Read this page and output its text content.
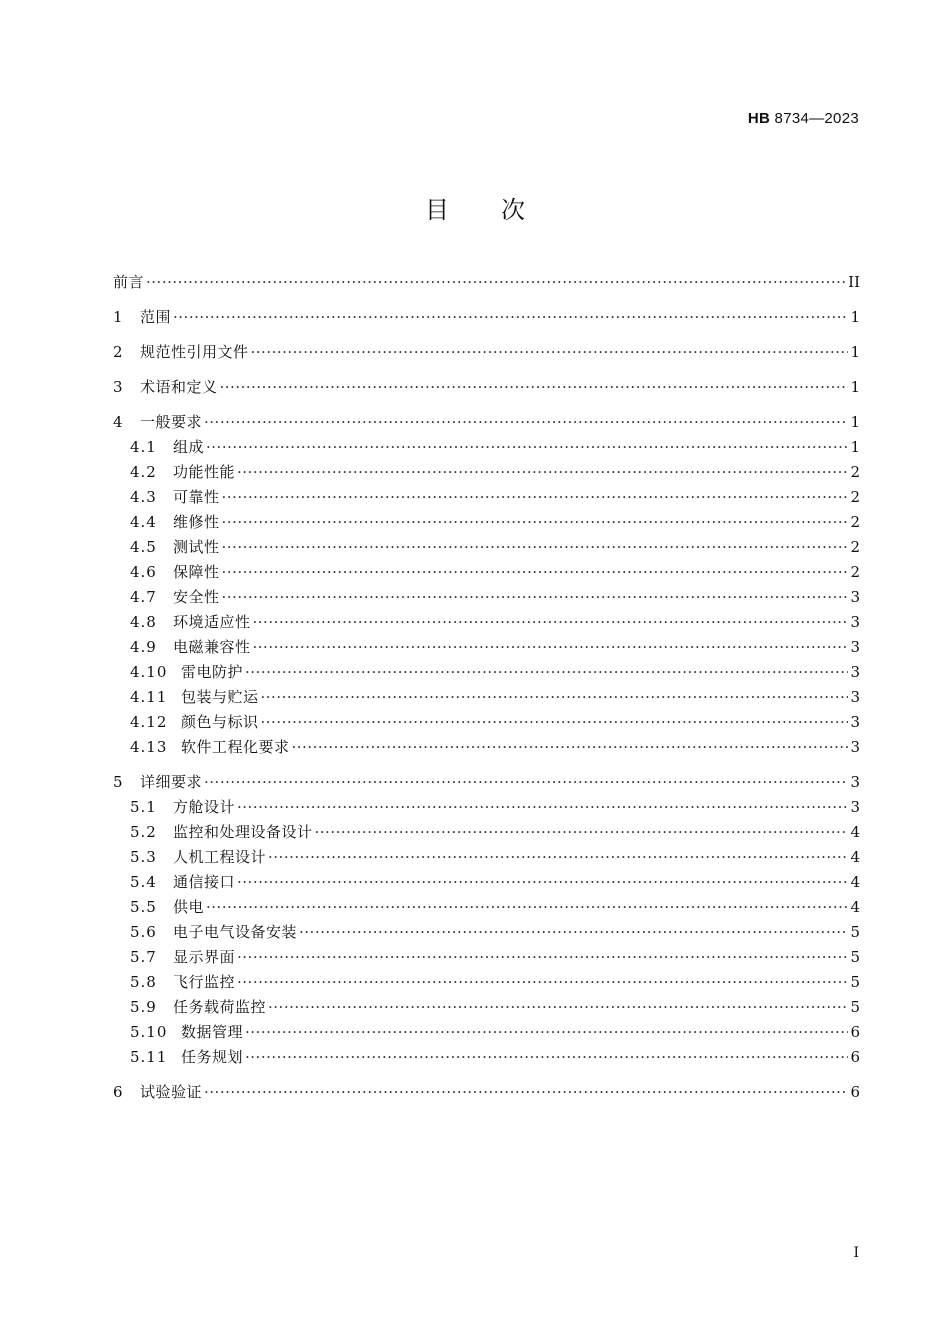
HB 8734—2023
目 次
前言 ·····	II
1	范围 ·····	1
2	规范性引用文件 ·····	1
3	术语和定义 ·····	1
4	一般要求 ·····	1
4.1	组成 ·····	1
4.2	功能性能 ·····	2
4.3	可靠性 ·····	2
4.4	维修性 ·····	2
4.5	测试性 ·····	2
4.6	保障性 ·····	2
4.7	安全性 ·····	3
4.8	环境适应性 ·····	3
4.9	电磁兼容性 ·····	3
4.10 雷电防护 ·····	3
4.11 包装与贮运 ·····	3
4.12 颜色与标识 ·····	3
4.13 软件工程化要求 ·····	3
5	详细要求 ·····	3
5.1	方舱设计 ·····	3
5.2	监控和处理设备设计 ·····	4
5.3	人机工程设计 ·····	4
5.4	通信接口 ·····	4
5.5	供电 ·····	4
5.6	电子电气设备安装 ·····	5
5.7	显示界面 ·····	5
5.8	飞行监控 ·····	5
5.9	任务载荷监控 ·····	5
5.10 数据管理 ·····	6
5.11 任务规划 ·····	6
6	试验验证 ·····	6
I
